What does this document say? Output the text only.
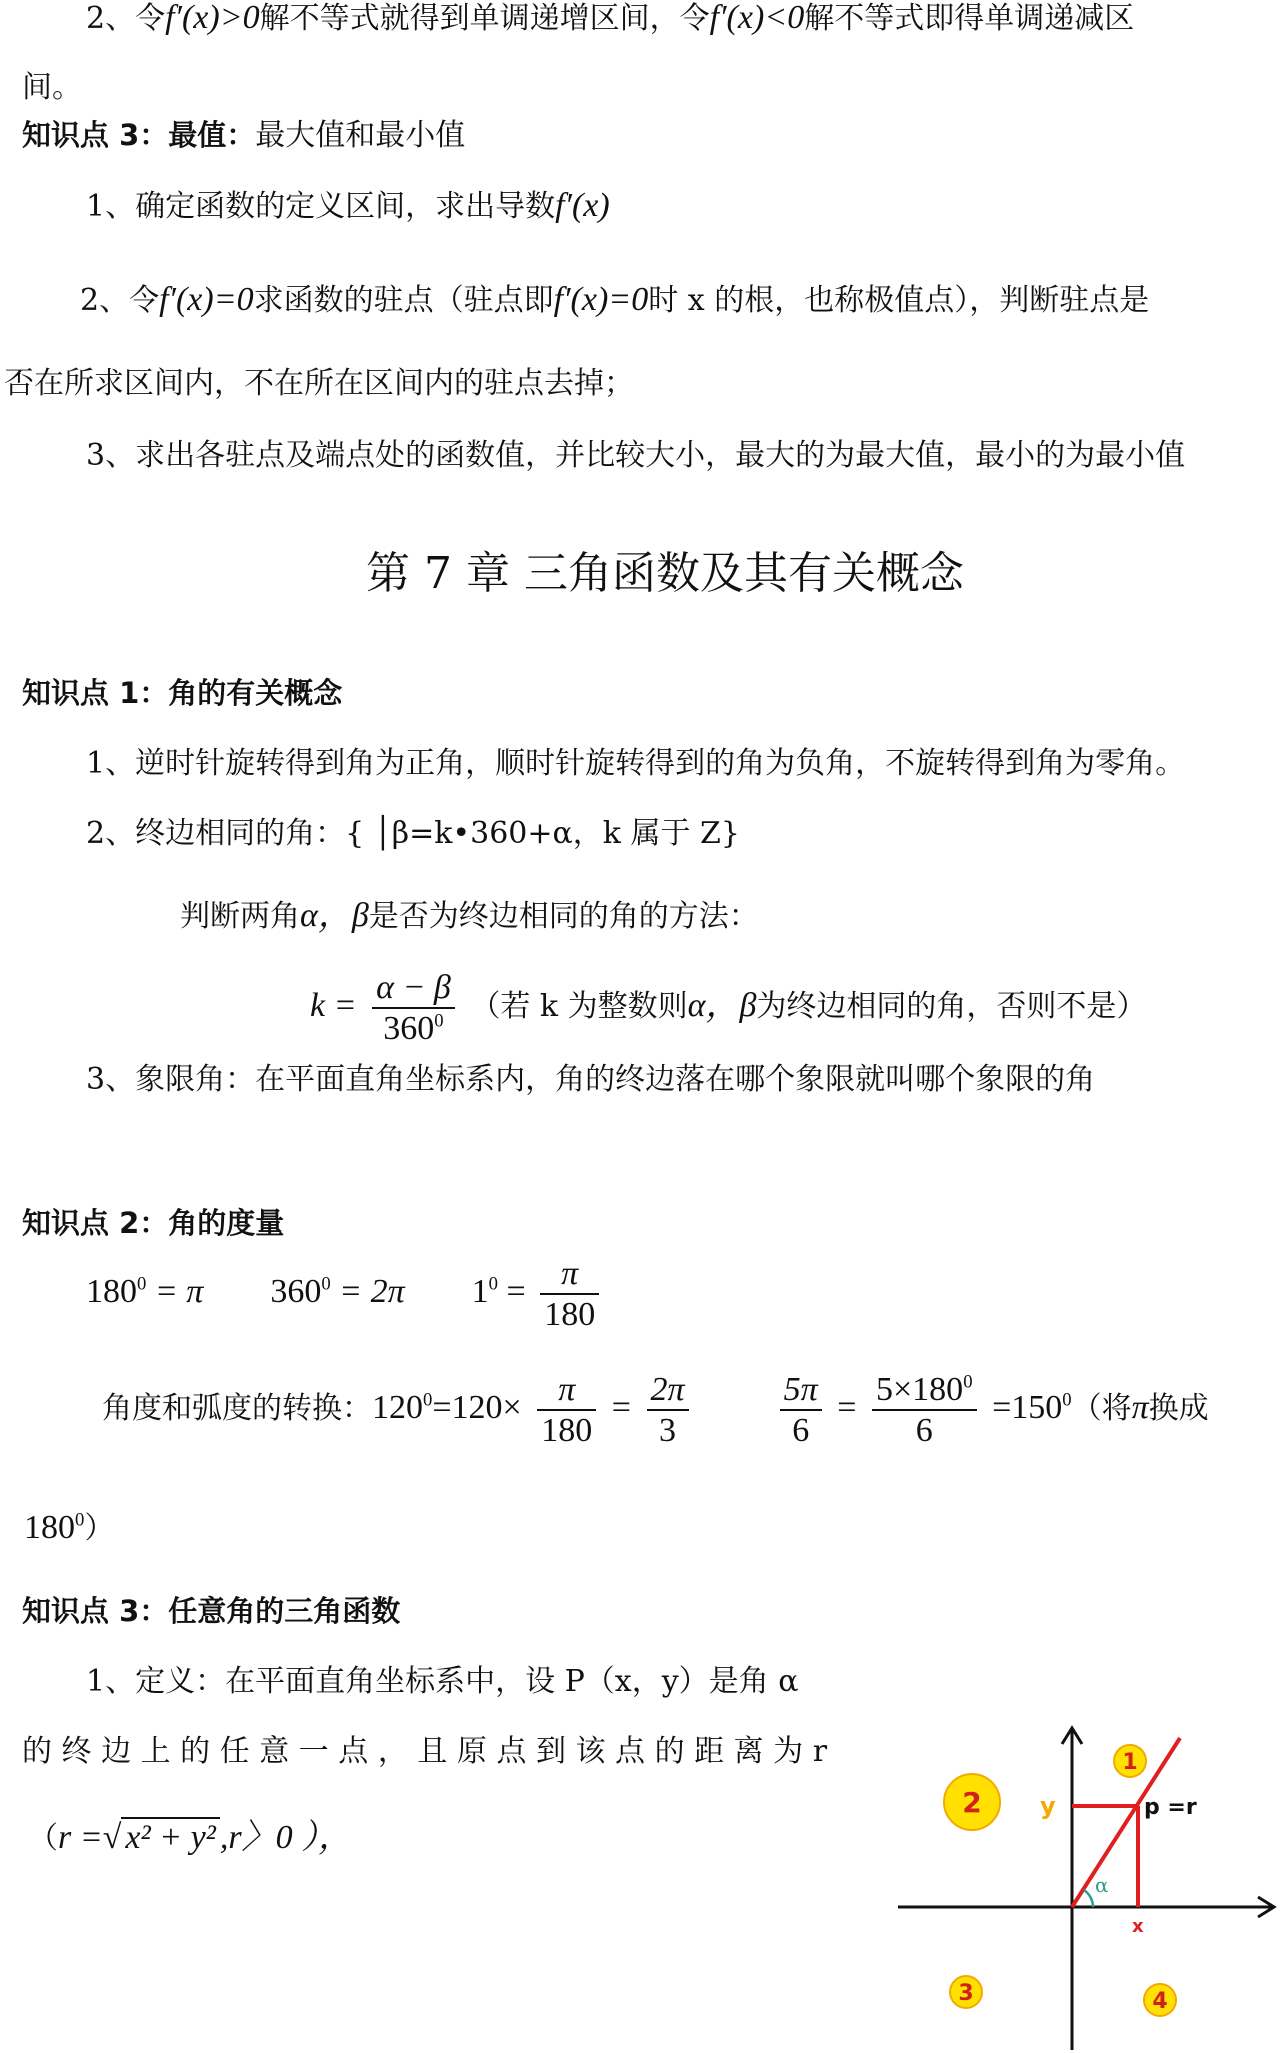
2、令f′(x)>0解不等式就得到单调递增区间，令f′(x)<0解不等式即得单调递减区
间。
知识点 3：最值：最大值和最小值
1、确定函数的定义区间，求出导数f′(x)
2、令f′(x)=0求函数的驻点（驻点即f′(x)=0时 x 的根，也称极值点），判断驻点是
否在所求区间内，不在所在区间内的驻点去掉；
3、求出各驻点及端点处的函数值，并比较大小，最大的为最大值，最小的为最小值
第 7 章 三角函数及其有关概念
知识点 1：角的有关概念
1、逆时针旋转得到角为正角，顺时针旋转得到的角为负角，不旋转得到角为零角。
2、终边相同的角：{ │β=k•360+α，k 属于 Z}
判断两角α，β是否为终边相同的角的方法：
$k = \frac{\alpha - \beta}{360^0}$ （若 k 为整数则α，β为终边相同的角，否则不是）
3、象限角：在平面直角坐标系内，角的终边落在哪个象限就叫哪个象限的角
知识点 2：角的度量
$180^0 = \pi$ $360^0 = 2\pi$ $1^0 = \frac{\pi}{180}$
角度和弧度的转换：$120^0=120\times \frac{\pi}{180} = \frac{2\pi}{3}$
	$\frac{5\pi}{6} = \frac{5\times 180^0}{6} =150^0$（将π换成
$180^0$）
知识点 3：任意角的三角函数
1、定义：在平面直角坐标系中，设 P（x，y）是角 α
的 终 边 上 的 任 意 一 点 ， 且 原 点 到 该 点 的 距 离 为 r
（r =√ x² + y² ,r〉0 ），
α
y
x
p =r
1
2
3	4
